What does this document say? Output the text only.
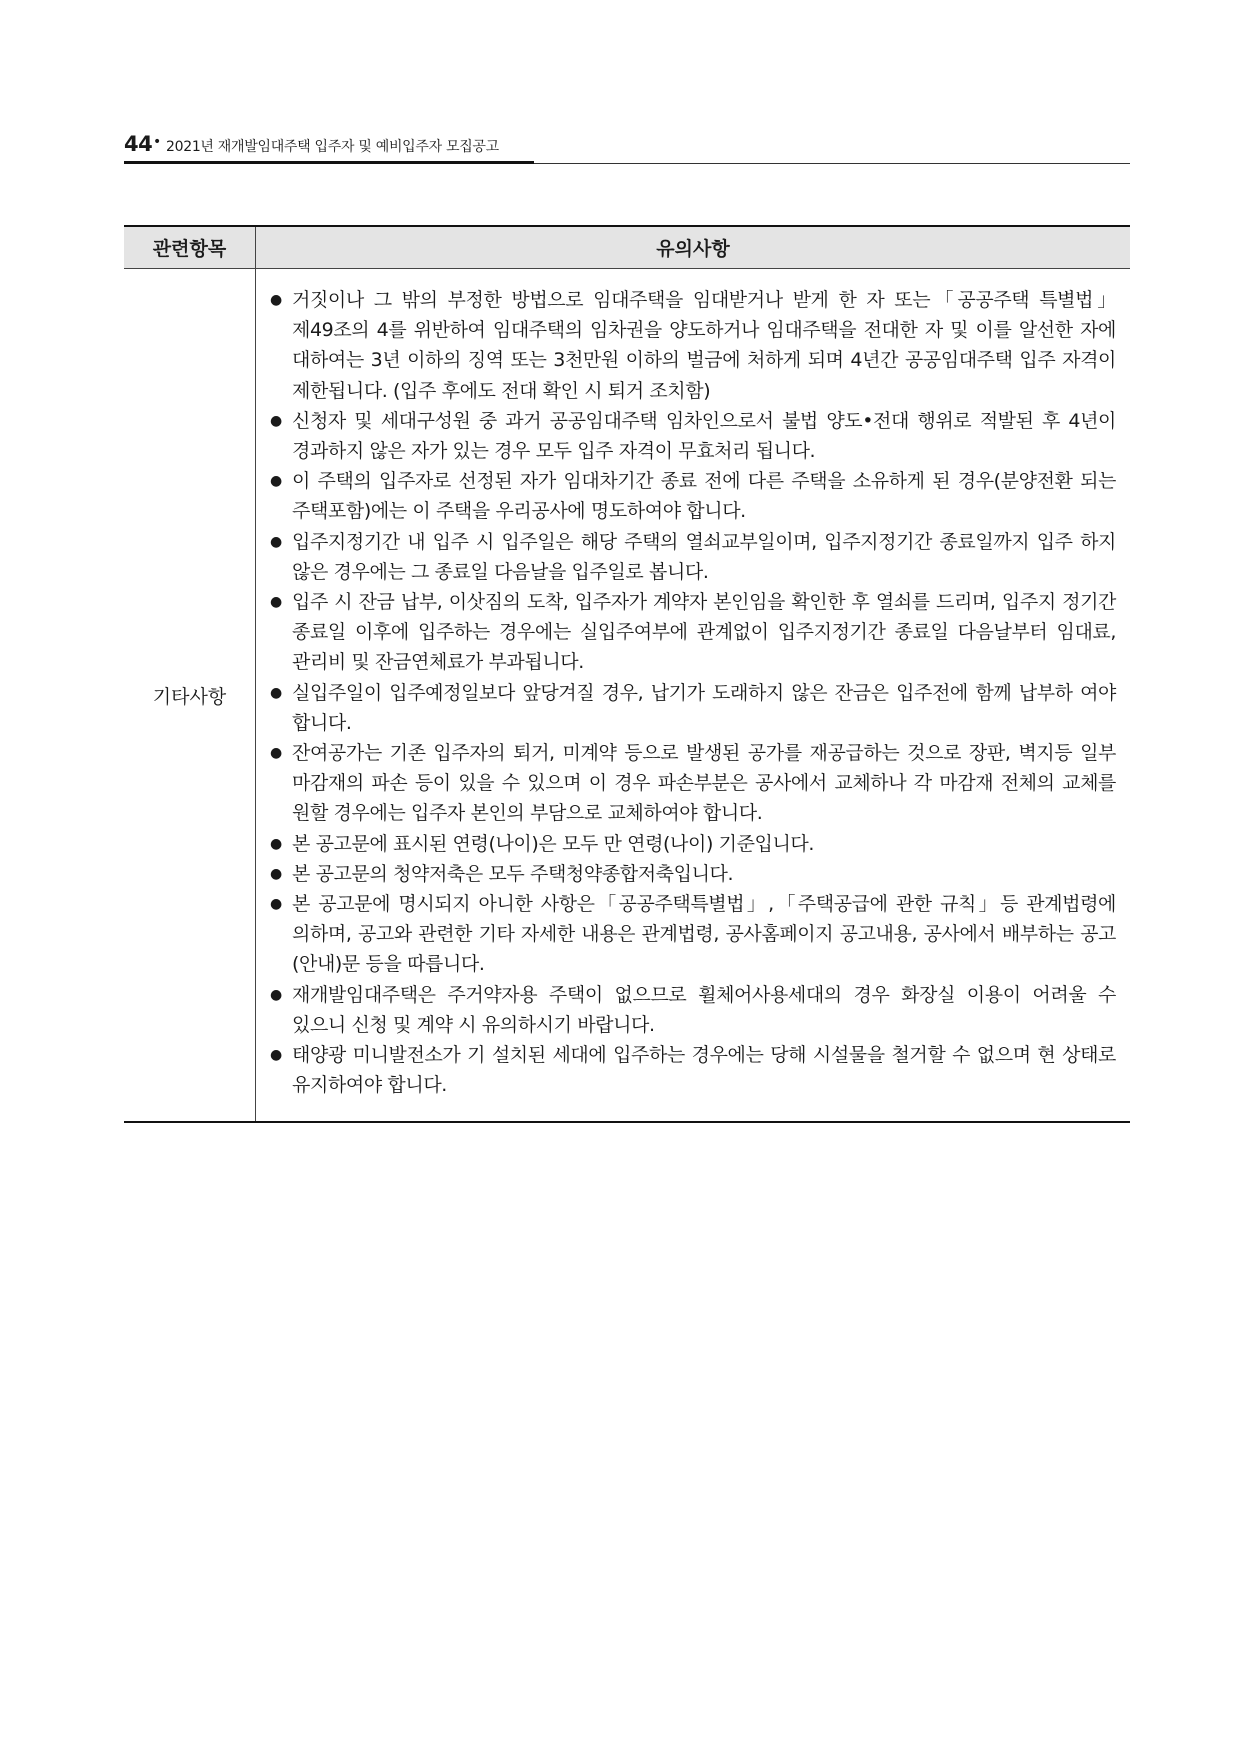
44 • 2021년 재개발임대주택 입주자 및 예비입주자 모집공고
관련항목	유의사항
기타사항
● 거짓이나 그 밖의 부정한 방법으로 임대주택을 임대받거나 받게 한 자 또는「공공주택 특별법」 제49조의 4를 위반하여 임대주택의 임차권을 양도하거나 임대주택을 전대한 자 및 이를 알선한 자에 대하여는 3년 이하의 징역 또는 3천만원 이하의 벌금에 처하게 되며 4년간 공공임대주택 입주 자격이 제한됩니다. (입주 후에도 전대 확인 시 퇴거 조치함)
● 신청자 및 세대구성원 중 과거 공공임대주택 임차인으로서 불법 양도•전대 행위로 적발된 후 4년이 경과하지 않은 자가 있는 경우 모두 입주 자격이 무효처리 됩니다.
● 이 주택의 입주자로 선정된 자가 임대차기간 종료 전에 다른 주택을 소유하게 된 경우(분양전환 되는 주택포함)에는 이 주택을 우리공사에 명도하여야 합니다.
● 입주지정기간 내 입주 시 입주일은 해당 주택의 열쇠교부일이며, 입주지정기간 종료일까지 입주 하지 않은 경우에는 그 종료일 다음날을 입주일로 봅니다.
● 입주 시 잔금 납부, 이삿짐의 도착, 입주자가 계약자 본인임을 확인한 후 열쇠를 드리며, 입주지 정기간 종료일 이후에 입주하는 경우에는 실입주여부에 관계없이 입주지정기간 종료일 다음날부터 임대료, 관리비 및 잔금연체료가 부과됩니다.
● 실입주일이 입주예정일보다 앞당겨질 경우, 납기가 도래하지 않은 잔금은 입주전에 함께 납부하 여야 합니다.
● 잔여공가는 기존 입주자의 퇴거, 미계약 등으로 발생된 공가를 재공급하는 것으로 장판, 벽지등 일부 마감재의 파손 등이 있을 수 있으며 이 경우 파손부분은 공사에서 교체하나 각 마감재 전체의 교체를 원할 경우에는 입주자 본인의 부담으로 교체하여야 합니다.
● 본 공고문에 표시된 연령(나이)은 모두 만 연령(나이) 기준입니다.
● 본 공고문의 청약저축은 모두 주택청약종합저축입니다.
● 본 공고문에 명시되지 아니한 사항은「공공주택특별법」,「주택공급에 관한 규칙」등 관계법령에 의하며, 공고와 관련한 기타 자세한 내용은 관계법령, 공사홈페이지 공고내용, 공사에서 배부하는 공고 (안내)문 등을 따릅니다.
● 재개발임대주택은 주거약자용 주택이 없으므로 휠체어사용세대의 경우 화장실 이용이 어려울 수 있으니 신청 및 계약 시 유의하시기 바랍니다.
● 태양광 미니발전소가 기 설치된 세대에 입주하는 경우에는 당해 시설물을 철거할 수 없으며 현 상태로 유지하여야 합니다.
